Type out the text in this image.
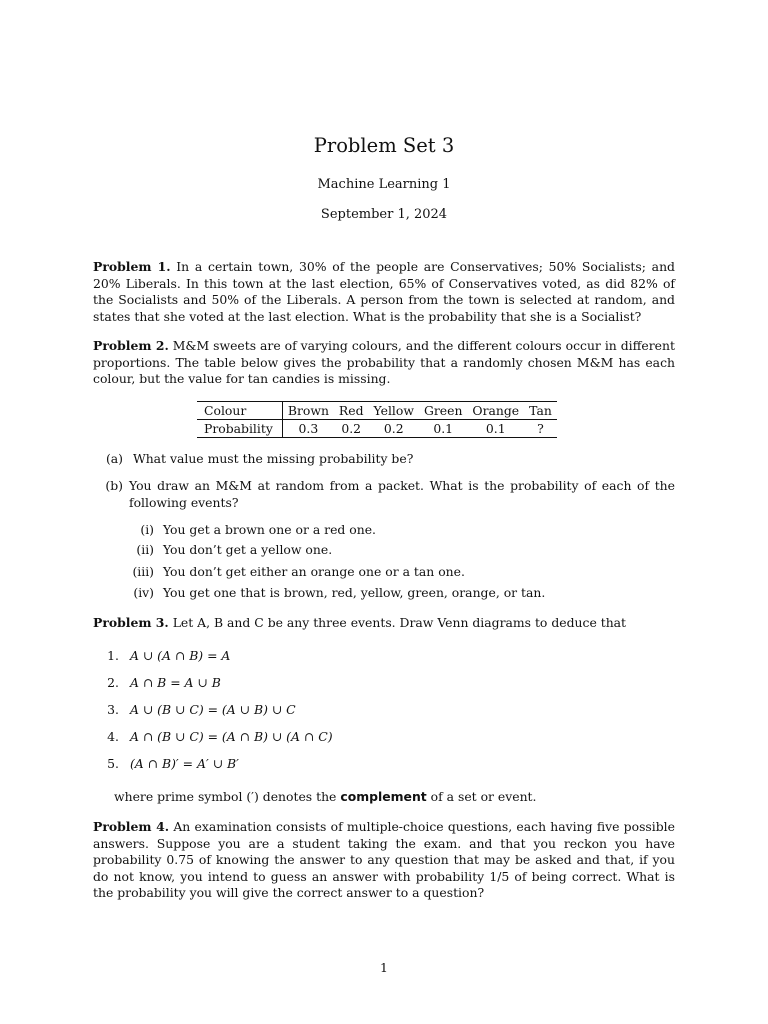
Problem Set 3
Machine Learning 1
September 1, 2024
Problem 1. In a certain town, 30% of the people are Conservatives; 50% Socialists; and 20% Liberals. In this town at the last election, 65% of Conservatives voted, as did 82% of the Socialists and 50% of the Liberals. A person from the town is selected at random, and states that she voted at the last election. What is the probability that she is a Socialist?
Problem 2. M&M sweets are of varying colours, and the different colours occur in different proportions. The table below gives the probability that a randomly chosen M&M has each colour, but the value for tan candies is missing.
Colour	Brown	Red	Yellow	Green	Orange	Tan
Probability	0.3	0.2	0.2	0.1	0.1	?
(a) What value must the missing probability be?
(b) You draw an M&M at random from a packet. What is the probability of each of the following events?
(i) You get a brown one or a red one.
(ii) You don’t get a yellow one.
(iii) You don’t get either an orange one or a tan one.
(iv) You get one that is brown, red, yellow, green, orange, or tan.
Problem 3. Let A, B and C be any three events. Draw Venn diagrams to deduce that
1. A ∪ (A ∩ B) = A
2. A ∩ B = A ∪ B
3. A ∪ (B ∪ C) = (A ∪ B) ∪ C
4. A ∩ (B ∪ C) = (A ∩ B) ∪ (A ∩ C)
5. (A ∩ B)′ = A′ ∪ B′
where prime symbol (′) denotes the complement of a set or event.
Problem 4. An examination consists of multiple-choice questions, each having five possible answers. Suppose you are a student taking the exam. and that you reckon you have probability 0.75 of knowing the answer to any question that may be asked and that, if you do not know, you intend to guess an answer with probability 1/5 of being correct. What is the probability you will give the correct answer to a question?
1
